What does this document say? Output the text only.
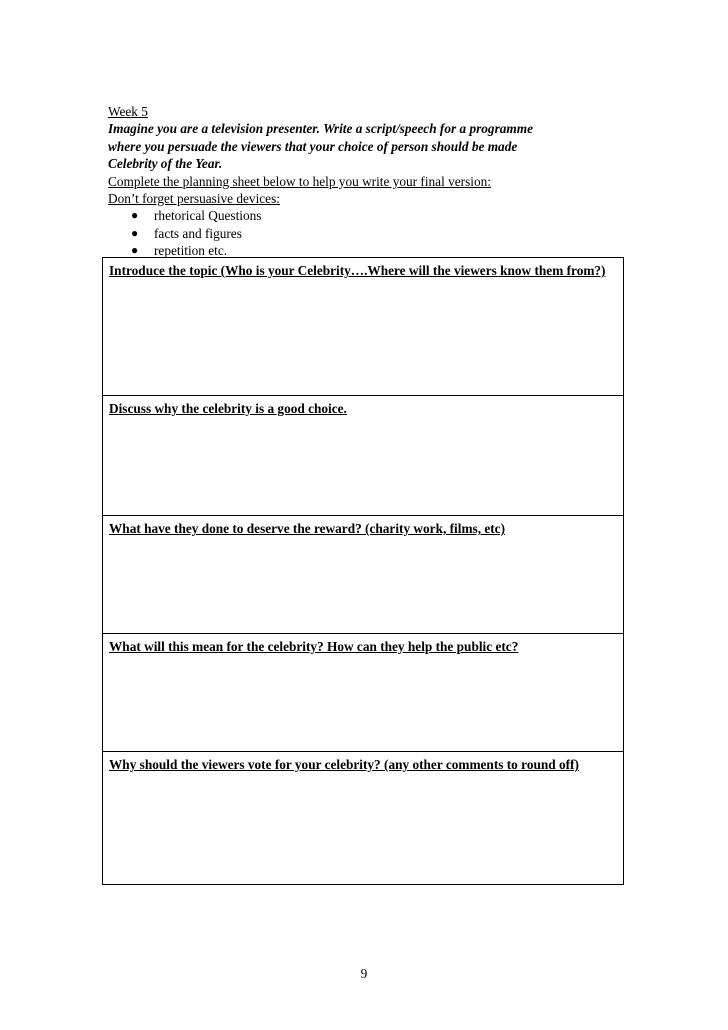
Week 5
Imagine you are a television presenter. Write a script/speech for a programme
where you persuade the viewers that your choice of person should be made
Celebrity of the Year.
Complete the planning sheet below to help you write your final version:
Don’t forget persuasive devices:
● rhetorical Questions
● facts and figures
● repetition etc.
Introduce the topic (Who is your Celebrity….Where will the viewers know them from?)
Discuss why the celebrity is a good choice.
What have they done to deserve the reward? (charity work, films, etc)
What will this mean for the celebrity? How can they help the public etc?
Why should the viewers vote for your celebrity? (any other comments to round off)
9
